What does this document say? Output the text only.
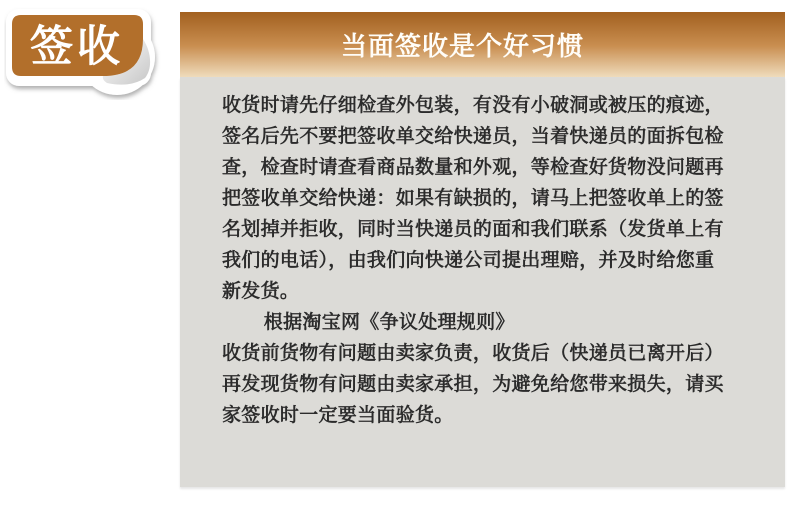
签收	当面签收是个好习惯
收货时请先仔细检查外包装，有没有小破洞或被压的痕迹，
签名后先不要把签收单交给快递员，当着快递员的面拆包检
查，检查时请查看商品数量和外观，等检查好货物没问题再
把签收单交给快递：如果有缺损的，请马上把签收单上的签
名划掉并拒收，同时当快递员的面和我们联系（发货单上有
我们的电话），由我们向快递公司提出理赔，并及时给您重
新发货。
根据淘宝网《争议处理规则》
收货前货物有问题由卖家负责，收货后（快递员已离开后）
再发现货物有问题由卖家承担，为避免给您带来损失，请买
家签收时一定要当面验货。
